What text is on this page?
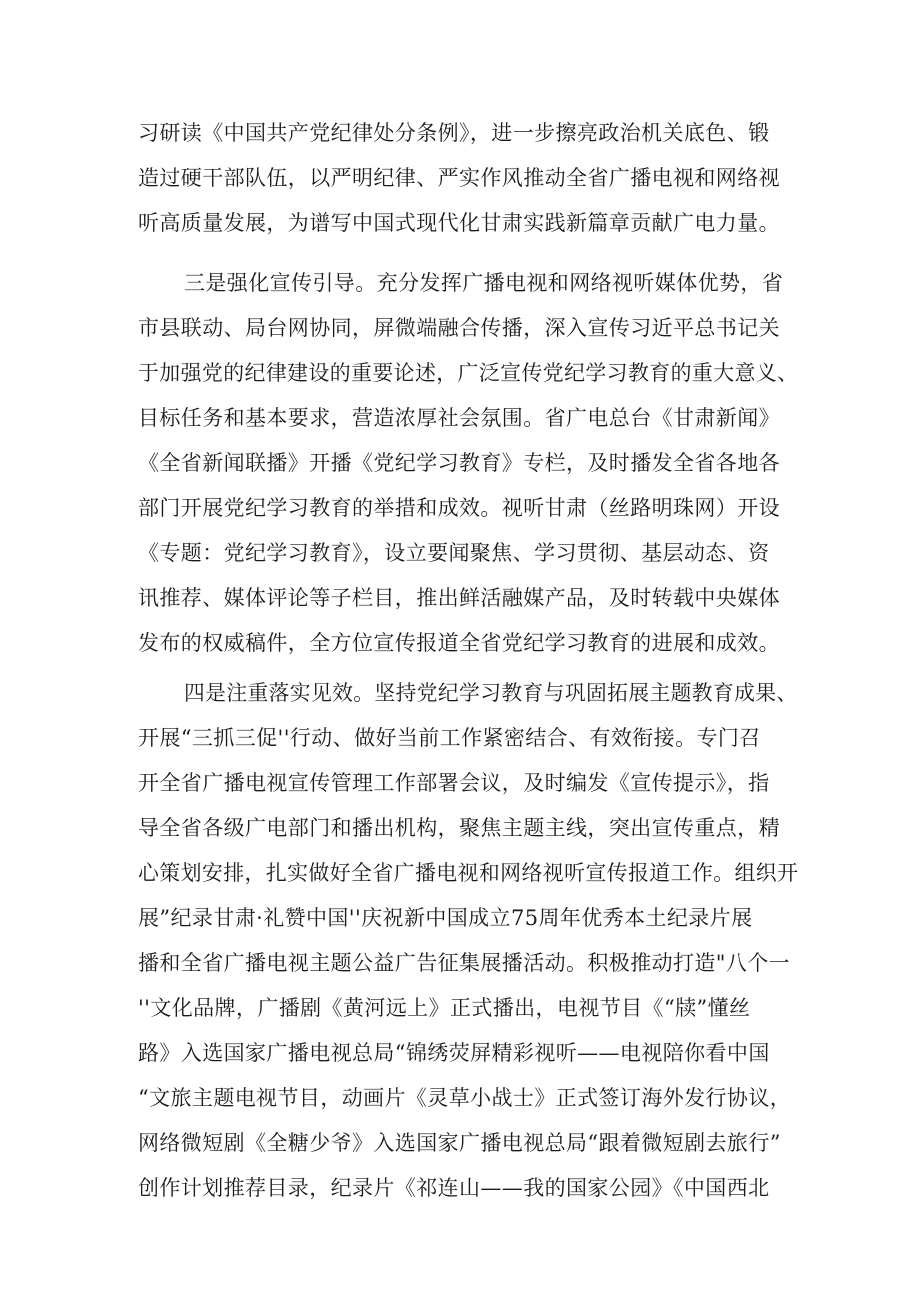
习研读《中国共产党纪律处分条例》，进一步擦亮政治机关底色、锻
造过硬干部队伍，以严明纪律、严实作风推动全省广播电视和网络视
听高质量发展，为谱写中国式现代化甘肃实践新篇章贡献广电力量。
三是强化宣传引导。充分发挥广播电视和网络视听媒体优势，省
市县联动、局台网协同，屏微端融合传播，深入宣传习近平总书记关
于加强党的纪律建设的重要论述，广泛宣传党纪学习教育的重大意义、
目标任务和基本要求，营造浓厚社会氛围。省广电总台《甘肃新闻》
《全省新闻联播》开播《党纪学习教育》专栏，及时播发全省各地各
部门开展党纪学习教育的举措和成效。视听甘肃（丝路明珠网）开设
《专题：党纪学习教育》，设立要闻聚焦、学习贯彻、基层动态、资
讯推荐、媒体评论等子栏目，推出鲜活融媒产品，及时转载中央媒体
发布的权威稿件，全方位宣传报道全省党纪学习教育的进展和成效。
四是注重落实见效。坚持党纪学习教育与巩固拓展主题教育成果、
开展“三抓三促''行动、做好当前工作紧密结合、有效衔接。专门召
开全省广播电视宣传管理工作部署会议，及时编发《宣传提示》，指
导全省各级广电部门和播出机构，聚焦主题主线，突出宣传重点，精
心策划安排，扎实做好全省广播电视和网络视听宣传报道工作。组织开
展”纪录甘肃·礼赞中国''庆祝新中国成立75周年优秀本土纪录片展
播和全省广播电视主题公益广告征集展播活动。积极推动打造"八个一
''文化品牌，广播剧《黄河远上》正式播出，电视节目《“牍”懂丝
路》入选国家广播电视总局“锦绣荧屏精彩视听——电视陪你看中国
“文旅主题电视节目，动画片《灵草小战士》正式签订海外发行协议，
网络微短剧《全糖少爷》入选国家广播电视总局“跟着微短剧去旅行”
创作计划推荐目录，纪录片《祁连山——我的国家公园》《中国西北
